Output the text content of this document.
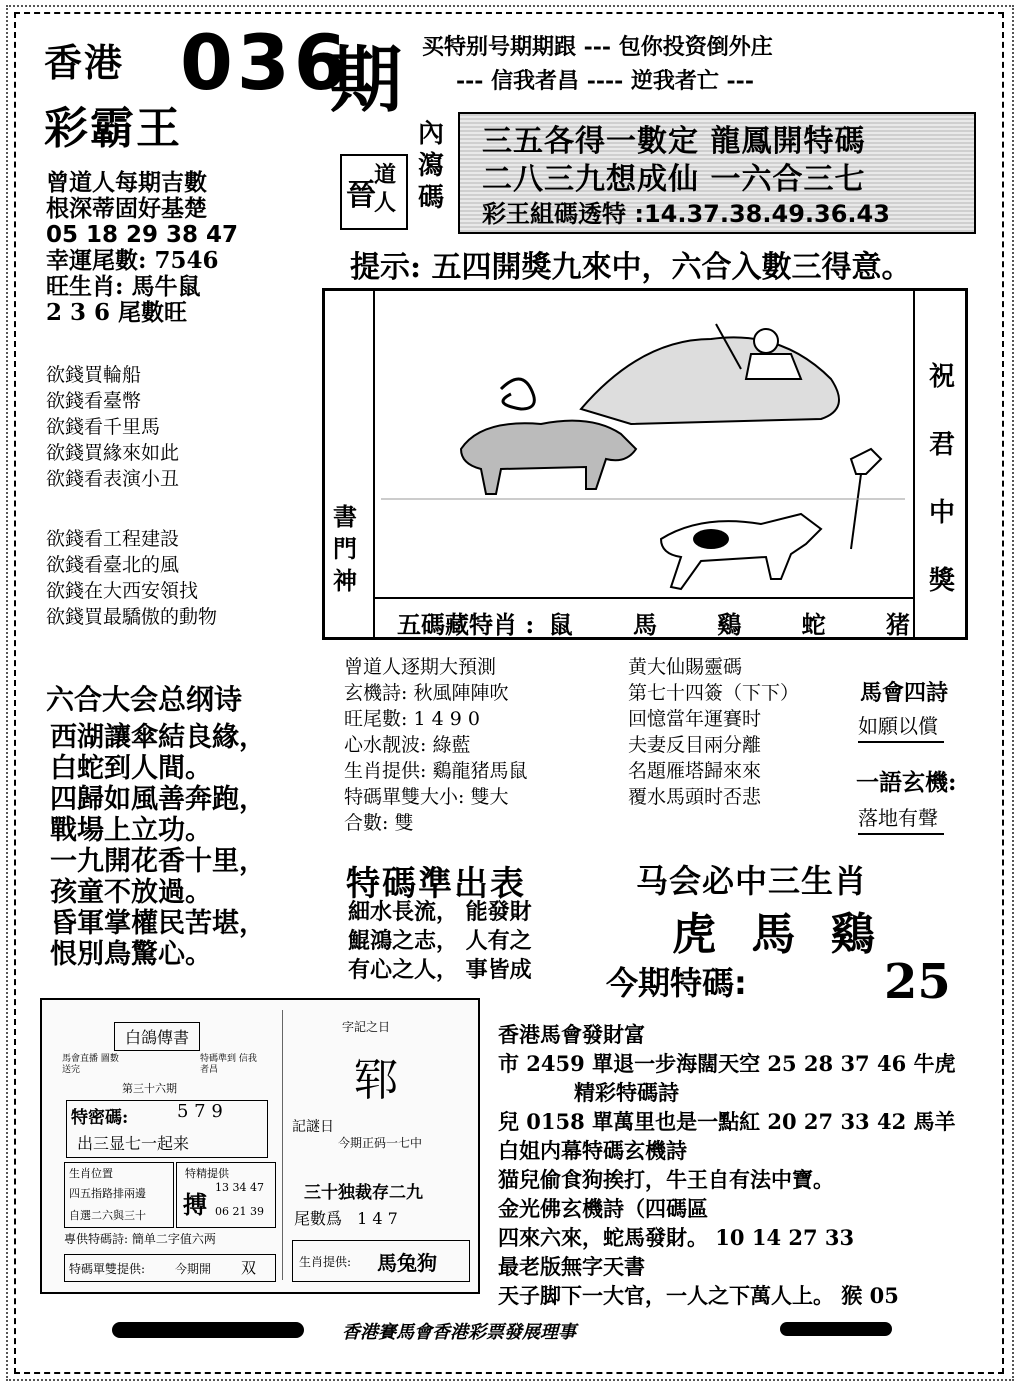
香港 036
期
彩霸王
买特别号期期跟 --- 包你投资倒外庄
--- 信我者昌 ---- 逆我者亡 ---
道
人
晉
內瀉碼
三五各得一數定 龍鳳開特碼
二八三九想成仙 一六合三七
彩王組碼透特 :14.37.38.49.36.43
提示: 五四開獎九來中，六合入數三得意。
曾道人每期吉數
根深蒂固好基楚
05 18 29 38 47
幸運尾數: 7546
旺生肖: 馬牛鼠
2 3 6 尾數旺
欲錢買輪船
欲錢看臺幣
欲錢看千里馬
欲錢買緣來如此
欲錢看表演小丑
欲錢看工程建設
欲錢看臺北的風
欲錢在大西安領找
欲錢買最驕傲的動物
書門神
祝君中獎
五碼藏特肖 : 鼠	馬	鷄	蛇	猪
六合大会总纲诗
西湖讓傘結良緣，
白蛇到人間。
四歸如風善奔跑，
戰場上立功。
一九開花香十里，
孩童不放過。
昏軍掌權民苦堪，
恨別鳥驚心。
曾道人逐期大預測
玄機詩: 秋風陣陣吹
旺尾數: 1 4 9 0
心水靓波: 綠藍
生肖提供: 鷄龍猪馬鼠
特碼單雙大小: 雙大
合數: 雙
黄大仙賜靈碼
第七十四簽（下下）
回憶當年運賽时
夫妻反目兩分離
名題雁塔歸來來
覆水馬頭时否悲
馬會四詩
如願以償
一語玄機:
落地有聲
特碼準出表
細水長流， 能發財
鯤鴻之志， 人有之
有心之人， 事皆成
马会必中三生肖
虎 馬 鷄
今期特碼:	25
香港馬會發財富
市 2459 單退一步海闊天空 25 28 37 46 牛虎
精彩特碼詩
兒 0158 單萬里也是一點紅 20 27 33 42 馬羊
白姐内幕特碼玄機詩
猫兒偷食狗挨打，牛王自有法中寶。
金光佛玄機詩（四碼區
四來六來，蛇馬發財。 10 14 27 33
最老版無字天書
天子脚下一大官，一人之下萬人上。 猴 05
白鴿傳書
馬會直播 圖數送完
特碼準到 信我者昌
第三十六期
特密碼:	5 7 9
出三显七一起来
生肖位置
四五指路排兩邊
自選二六與三十
特精提供
搏
13 34 47
06 21 39
專供特碼詩: 簡单二字值六两
特碼單雙提供: 今期開 双
字記之日
郓
記謎日
今期正码一七中
三十独裁存二九
尾數爲 1 4 7
生肖提供: 馬兔狗
香港賽馬會香港彩票發展理事
